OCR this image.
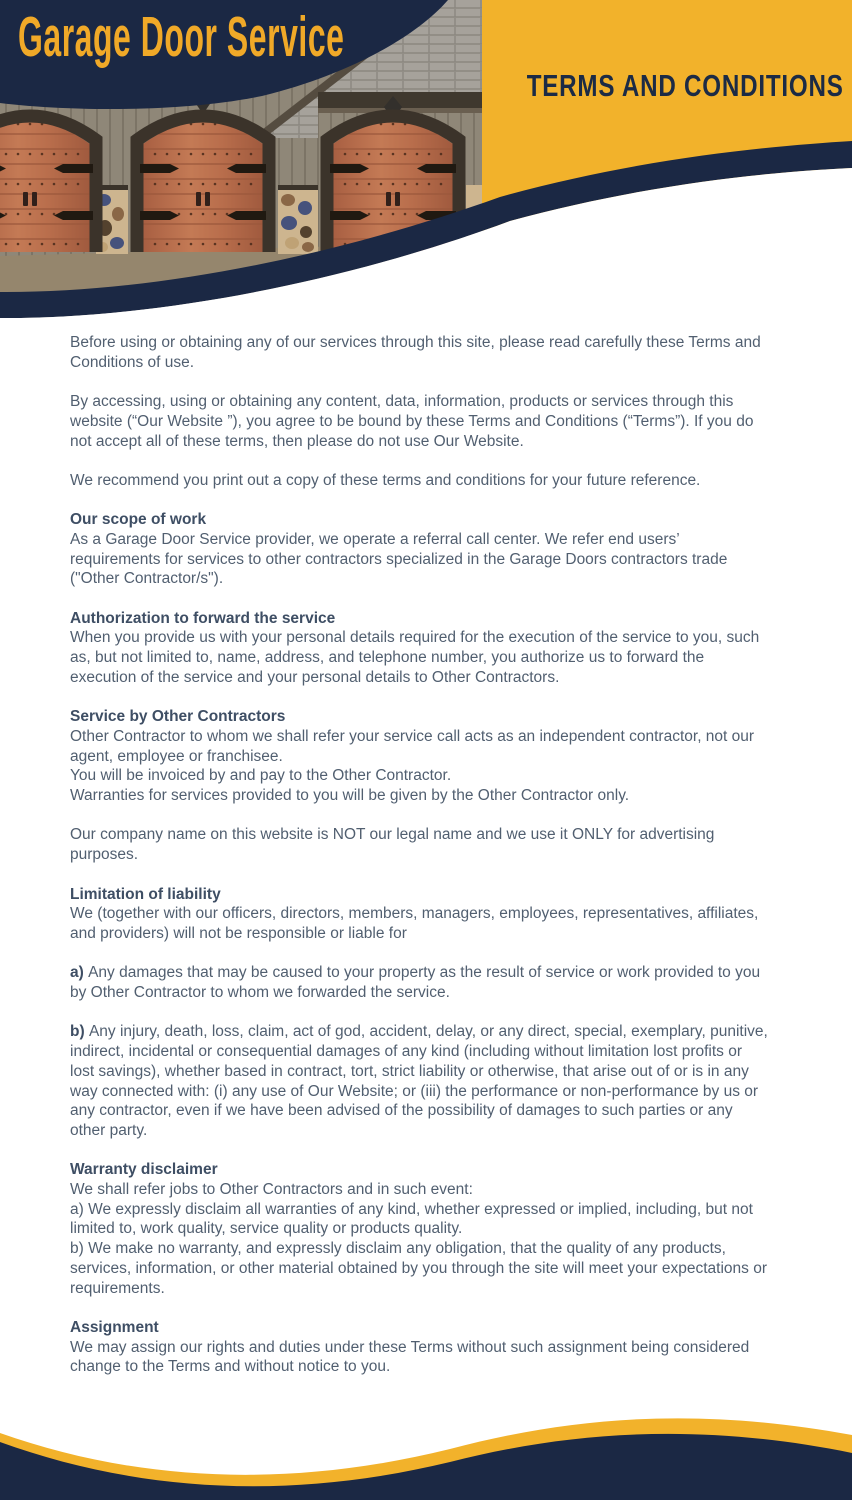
Garage Door Service
TERMS AND CONDITIONS
Before using or obtaining any of our services through this site, please read carefully these Terms and Conditions of use.
By accessing, using or obtaining any content, data, information, products or services through this website (“Our Website ”), you agree to be bound by these Terms and Conditions (“Terms”). If you do not accept all of these terms, then please do not use Our Website.
We recommend you print out a copy of these terms and conditions for your future reference.
Our scope of work
As a Garage Door Service provider, we operate a referral call center. We refer end users’ requirements for services to other contractors specialized in the Garage Doors contractors trade ("Other Contractor/s").
Authorization to forward the service
When you provide us with your personal details required for the execution of the service to you, such as, but not limited to, name, address, and telephone number, you authorize us to forward the execution of the service and your personal details to Other Contractors.
Service by Other Contractors
Other Contractor to whom we shall refer your service call acts as an independent contractor, not our agent, employee or franchisee.
You will be invoiced by and pay to the Other Contractor.
Warranties for services provided to you will be given by the Other Contractor only.
Our company name on this website is NOT our legal name and we use it ONLY for advertising purposes.
Limitation of liability
We (together with our officers, directors, members, managers, employees, representatives, affiliates, and providers) will not be responsible or liable for
a) Any damages that may be caused to your property as the result of service or work provided to you by Other Contractor to whom we forwarded the service.
b) Any injury, death, loss, claim, act of god, accident, delay, or any direct, special, exemplary, punitive, indirect, incidental or consequential damages of any kind (including without limitation lost profits or lost savings), whether based in contract, tort, strict liability or otherwise, that arise out of or is in any way connected with: (i) any use of Our Website; or (iii) the performance or non-performance by us or any contractor, even if we have been advised of the possibility of damages to such parties or any other party.
Warranty disclaimer
We shall refer jobs to Other Contractors and in such event:
a) We expressly disclaim all warranties of any kind, whether expressed or implied, including, but not limited to, work quality, service quality or products quality.
b) We make no warranty, and expressly disclaim any obligation, that the quality of any products, services, information, or other material obtained by you through the site will meet your expectations or requirements.
Assignment
We may assign our rights and duties under these Terms without such assignment being considered change to the Terms and without notice to you.
